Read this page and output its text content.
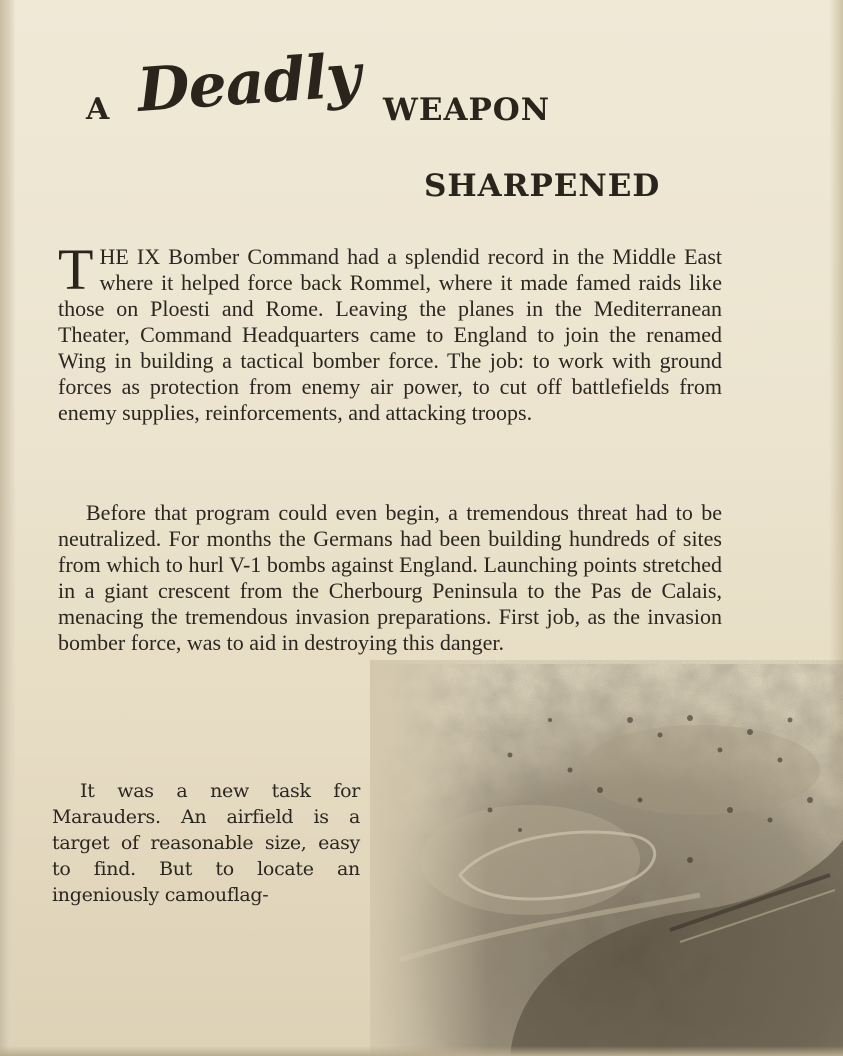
A Deadly WEAPON
SHARPENED
THE IX Bomber Command had a splendid record in the Middle East where it helped force back Rommel, where it made famed raids like those on Ploesti and Rome. Leaving the planes in the Mediterranean Theater, Command Headquarters came to England to join the renamed Wing in building a tactical bomber force. The job: to work with ground forces as protection from enemy air power, to cut off battlefields from enemy supplies, reinforcements, and attacking troops.
Before that program could even begin, a tremendous threat had to be neutralized. For months the Germans had been building hundreds of sites from which to hurl V-1 bombs against England. Launching points stretched in a giant crescent from the Cherbourg Peninsula to the Pas de Calais, menacing the tremendous invasion preparations. First job, as the invasion bomber force, was to aid in destroying this danger.
It was a new task for Marauders. An airfield is a target of reasonable size, easy to find. But to locate an ingeniously camouflag-
